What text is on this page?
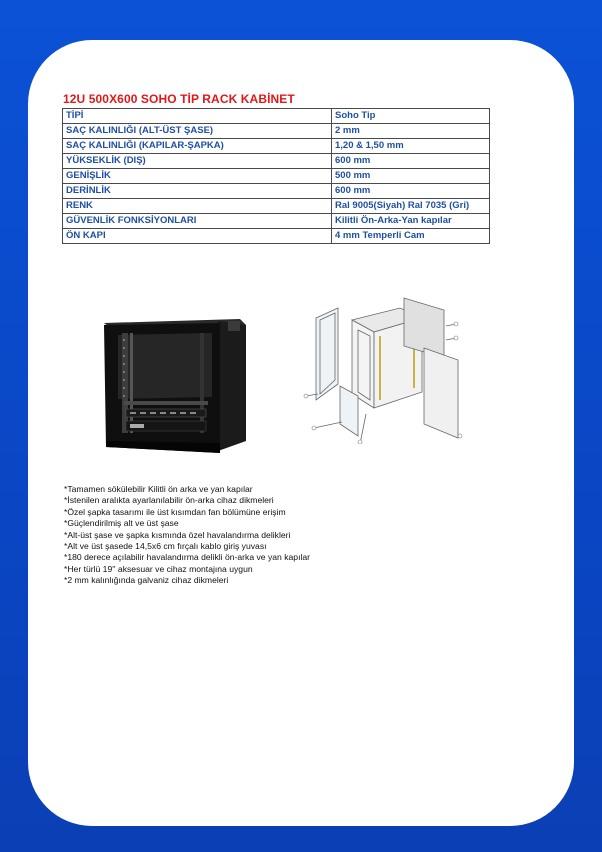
12U 500X600 SOHO TİP RACK KABİNET
TİPİ	Soho Tip
SAÇ KALINLIĞI (ALT-ÜST ŞASE)	2 mm
SAÇ KALINLIĞI (KAPILAR-ŞAPKA)	1,20 & 1,50 mm
YÜKSEKLİK (DIŞ)	600 mm
GENİŞLİK	500 mm
DERİNLİK	600 mm
RENK	Ral 9005(Siyah) Ral 7035 (Gri)
GÜVENLİK FONKSİYONLARI	Kilitli Ön-Arka-Yan kapılar
ÖN KAPI	4 mm Temperli Cam
*Tamamen sökülebilir Kilitli ön arka ve yan kapılar
*İstenilen aralıkta ayarlanılabilir ön-arka cihaz dikmeleri
*Özel şapka tasarımı ile üst kısımdan fan bölümüne erişim
*Güçlendirilmiş alt ve üst şase
*Alt-üst şase ve şapka kısmında özel havalandırma delikleri
*Alt ve üst şasede 14,5x6 cm fırçalı kablo giriş yuvası
*180 derece açılabilir havalandırma delikli ön-arka ve yan kapılar
*Her türlü 19'' aksesuar ve cihaz montajına uygun
*2 mm kalınlığında galvaniz cihaz dikmeleri
